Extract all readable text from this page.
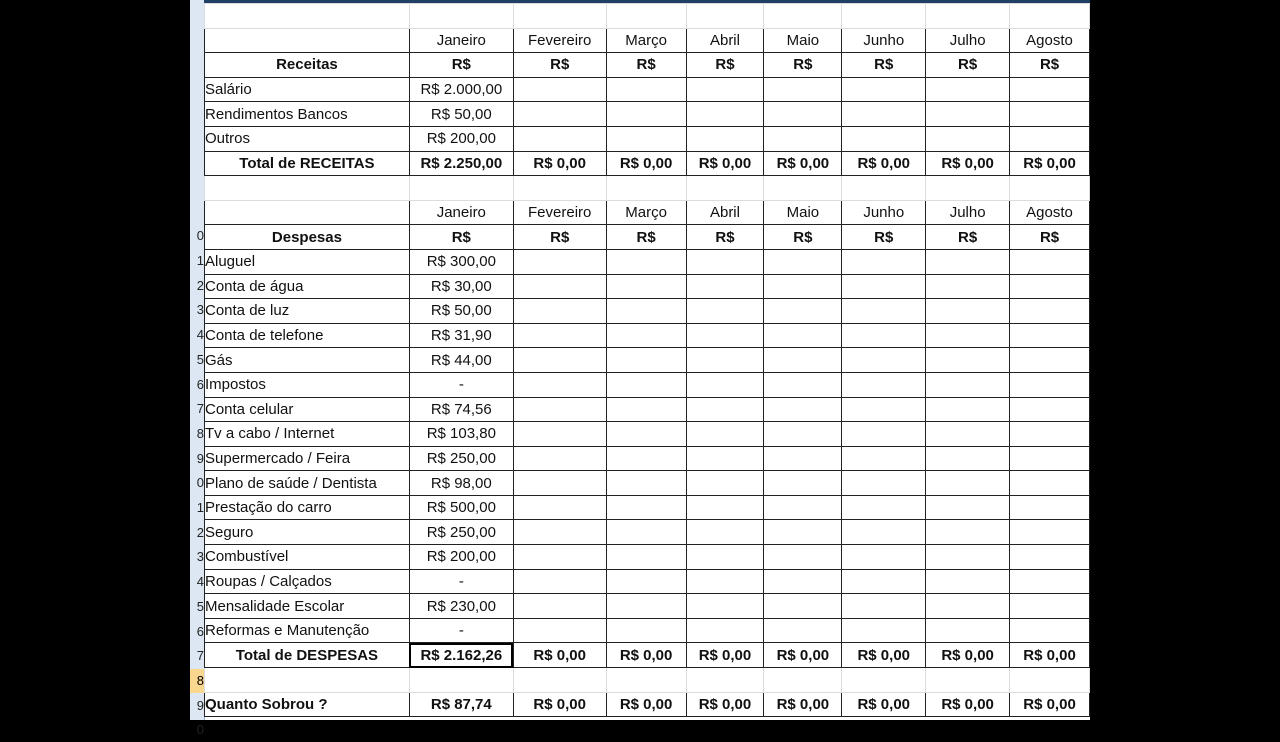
0
1
2
3
4
5
6
7
8
9
0
1
2
3
4
5
6
7
8
9
0

	Janeiro	Fevereiro	Março	Abril	Maio	Junho	Julho	Agosto
Receitas	R$	R$	R$	R$	R$	R$	R$	R$
Salário	R$ 2.000,00							
Rendimentos Bancos	R$ 50,00							
Outros	R$ 200,00							
Total de RECEITAS	R$ 2.250,00	R$ 0,00	R$ 0,00	R$ 0,00	R$ 0,00	R$ 0,00	R$ 0,00	R$ 0,00

	Janeiro	Fevereiro	Março	Abril	Maio	Junho	Julho	Agosto
Despesas	R$	R$	R$	R$	R$	R$	R$	R$
Aluguel	R$ 300,00							
Conta de água	R$ 30,00							
Conta de luz	R$ 50,00							
Conta de telefone	R$ 31,90							
Gás	R$ 44,00							
Impostos	-							
Conta celular	R$ 74,56							
Tv a cabo / Internet	R$ 103,80							
Supermercado / Feira	R$ 250,00							
Plano de saúde / Dentista	R$ 98,00							
Prestação do carro	R$ 500,00							
Seguro	R$ 250,00							
Combustível	R$ 200,00							
Roupas / Calçados	-							
Mensalidade Escolar	R$ 230,00							
Reformas e Manutenção	-							
Total de DESPESAS	R$ 2.162,26	R$ 0,00	R$ 0,00	R$ 0,00	R$ 0,00	R$ 0,00	R$ 0,00	R$ 0,00

Quanto Sobrou ?	R$ 87,74	R$ 0,00	R$ 0,00	R$ 0,00	R$ 0,00	R$ 0,00	R$ 0,00	R$ 0,00
